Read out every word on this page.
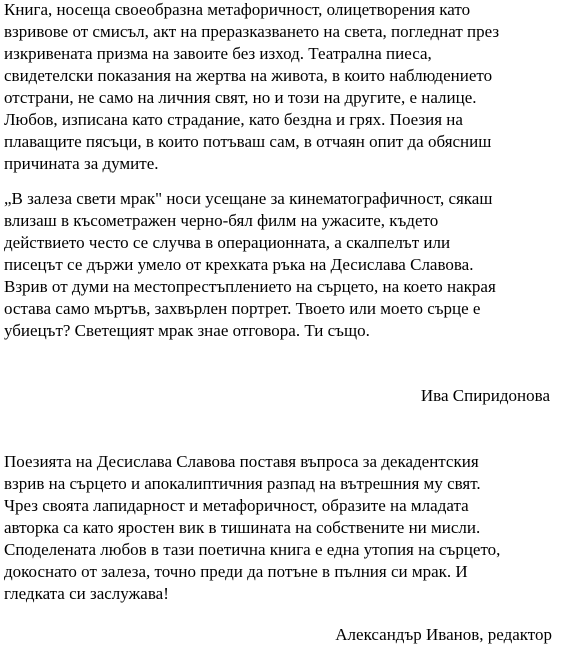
Книга, носеща своеобразна метафоричност, олицетворения като
взривове от смисъл, акт на преразказването на света, погледнат през
изкривената призма на завоите без изход. Театрална пиеса,
свидетелски показания на жертва на живота, в които наблюдението
отстрани, не само на личния свят, но и този на другите, е налице.
Любов, изписана като страдание, като бездна и грях. Поезия на
плаващите пясъци, в които потъваш сам, в отчаян опит да обясниш
причината за думите.

„В залеза свети мрак" носи усещане за кинематографичност, сякаш
влизаш в късометражен черно-бял филм на ужасите, където
действието често се случва в операционната, а скалпелът или
писецът се държи умело от крехката ръка на Десислава Славова.
Взрив от думи на местопрестъплението на сърцето, на което накрая
остава само мъртъв, захвърлен портрет. Твоето или моето сърце е
убиецът? Светещият мрак знае отговора. Ти също.

Ива Спиридонова

Поезията на Десислава Славова поставя въпроса за декадентския
взрив на сърцето и апокалиптичния разпад на вътрешния му свят.
Чрез своята лапидарност и метафоричност, образите на младата
авторка са като яростен вик в тишината на собствените ни мисли.
Споделената любов в тази поетична книга е една утопия на сърцето,
докоснато от залеза, точно преди да потъне в пълния си мрак. И
гледката си заслужава!

Александър Иванов, редактор
